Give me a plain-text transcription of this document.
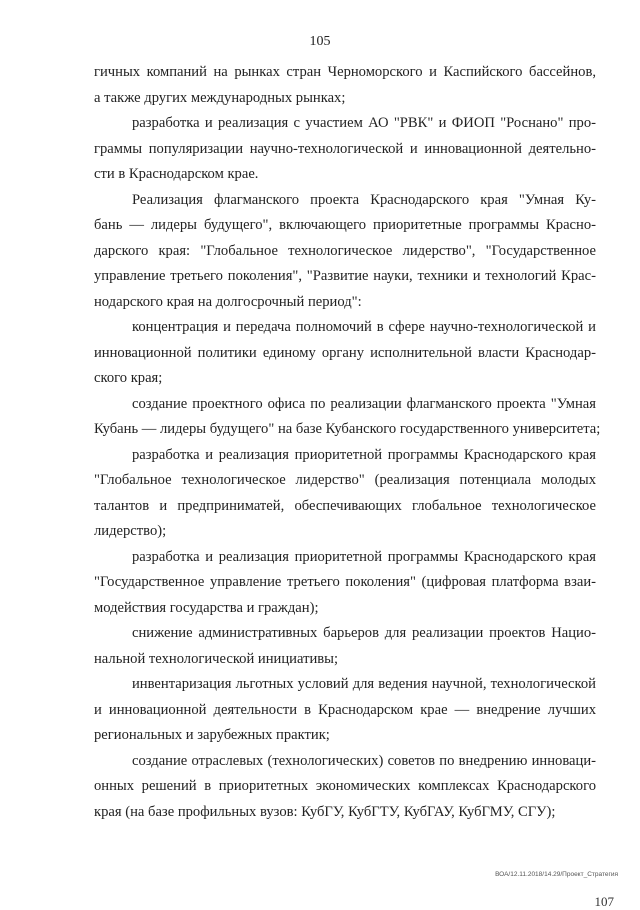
105
гичных компаний на рынках стран Черноморского и Каспийского бассейнов,
а также других международных рынках;
разработка и реализация с участием АО "РВК" и ФИОП "Роснано" про-
граммы популяризации научно-технологической и инновационной деятельно-
сти в Краснодарском крае.
Реализация флагманского проекта Краснодарского края "Умная Ку-
бань — лидеры будущего", включающего приоритетные программы Красно-
дарского края: "Глобальное технологическое лидерство", "Государственное
управление третьего поколения", "Развитие науки, техники и технологий Крас-
нодарского края на долгосрочный период":
концентрация и передача полномочий в сфере научно-технологической и
инновационной политики единому органу исполнительной власти Краснодар-
ского края;
создание проектного офиса по реализации флагманского проекта "Умная
Кубань — лидеры будущего" на базе Кубанского государственного университета;
разработка и реализация приоритетной программы Краснодарского края
"Глобальное технологическое лидерство" (реализация потенциала молодых
талантов и предприниматей, обеспечивающих глобальное технологическое
лидерство);
разработка и реализация приоритетной программы Краснодарского края
"Государственное управление третьего поколения" (цифровая платформа взаи-
модействия государства и граждан);
снижение административных барьеров для реализации проектов Нацио-
нальной технологической инициативы;
инвентаризация льготных условий для ведения научной, технологической
и инновационной деятельности в Краснодарском крае — внедрение лучших
региональных и зарубежных практик;
создание отраслевых (технологических) советов по внедрению инноваци-
онных решений в приоритетных экономических комплексах Краснодарского
края (на базе профильных вузов: КубГУ, КубГТУ, КубГАУ, КубГМУ, СГУ);
ВОА/12.11.2018/14.29/Проект_Стратегия
107
